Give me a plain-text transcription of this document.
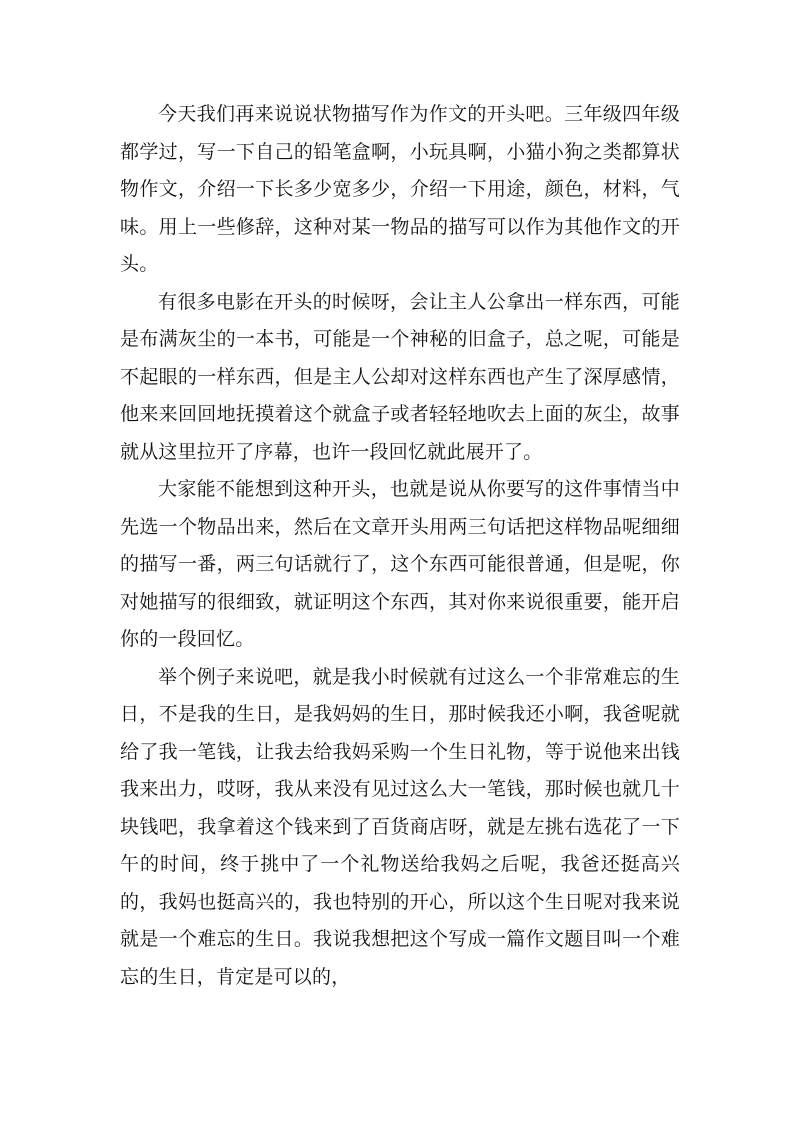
今天我们再来说说状物描写作为作文的开头吧。三年级四年级都学过，写一下自己的铅笔盒啊，小玩具啊，小猫小狗之类都算状物作文，介绍一下长多少宽多少，介绍一下用途，颜色，材料，气味。用上一些修辞，这种对某一物品的描写可以作为其他作文的开头。

有很多电影在开头的时候呀，会让主人公拿出一样东西，可能是布满灰尘的一本书，可能是一个神秘的旧盒子，总之呢，可能是不起眼的一样东西，但是主人公却对这样东西也产生了深厚感情，他来来回回地抚摸着这个就盒子或者轻轻地吹去上面的灰尘，故事就从这里拉开了序幕，也许一段回忆就此展开了。

大家能不能想到这种开头，也就是说从你要写的这件事情当中先选一个物品出来，然后在文章开头用两三句话把这样物品呢细细的描写一番，两三句话就行了，这个东西可能很普通，但是呢，你对她描写的很细致，就证明这个东西，其对你来说很重要，能开启你的一段回忆。

举个例子来说吧，就是我小时候就有过这么一个非常难忘的生日，不是我的生日，是我妈妈的生日，那时候我还小啊，我爸呢就给了我一笔钱，让我去给我妈采购一个生日礼物，等于说他来出钱我来出力，哎呀，我从来没有见过这么大一笔钱，那时候也就几十块钱吧，我拿着这个钱来到了百货商店呀，就是左挑右选花了一下午的时间，终于挑中了一个礼物送给我妈之后呢，我爸还挺高兴的，我妈也挺高兴的，我也特别的开心，所以这个生日呢对我来说就是一个难忘的生日。我说我想把这个写成一篇作文题目叫一个难忘的生日，肯定是可以的，
